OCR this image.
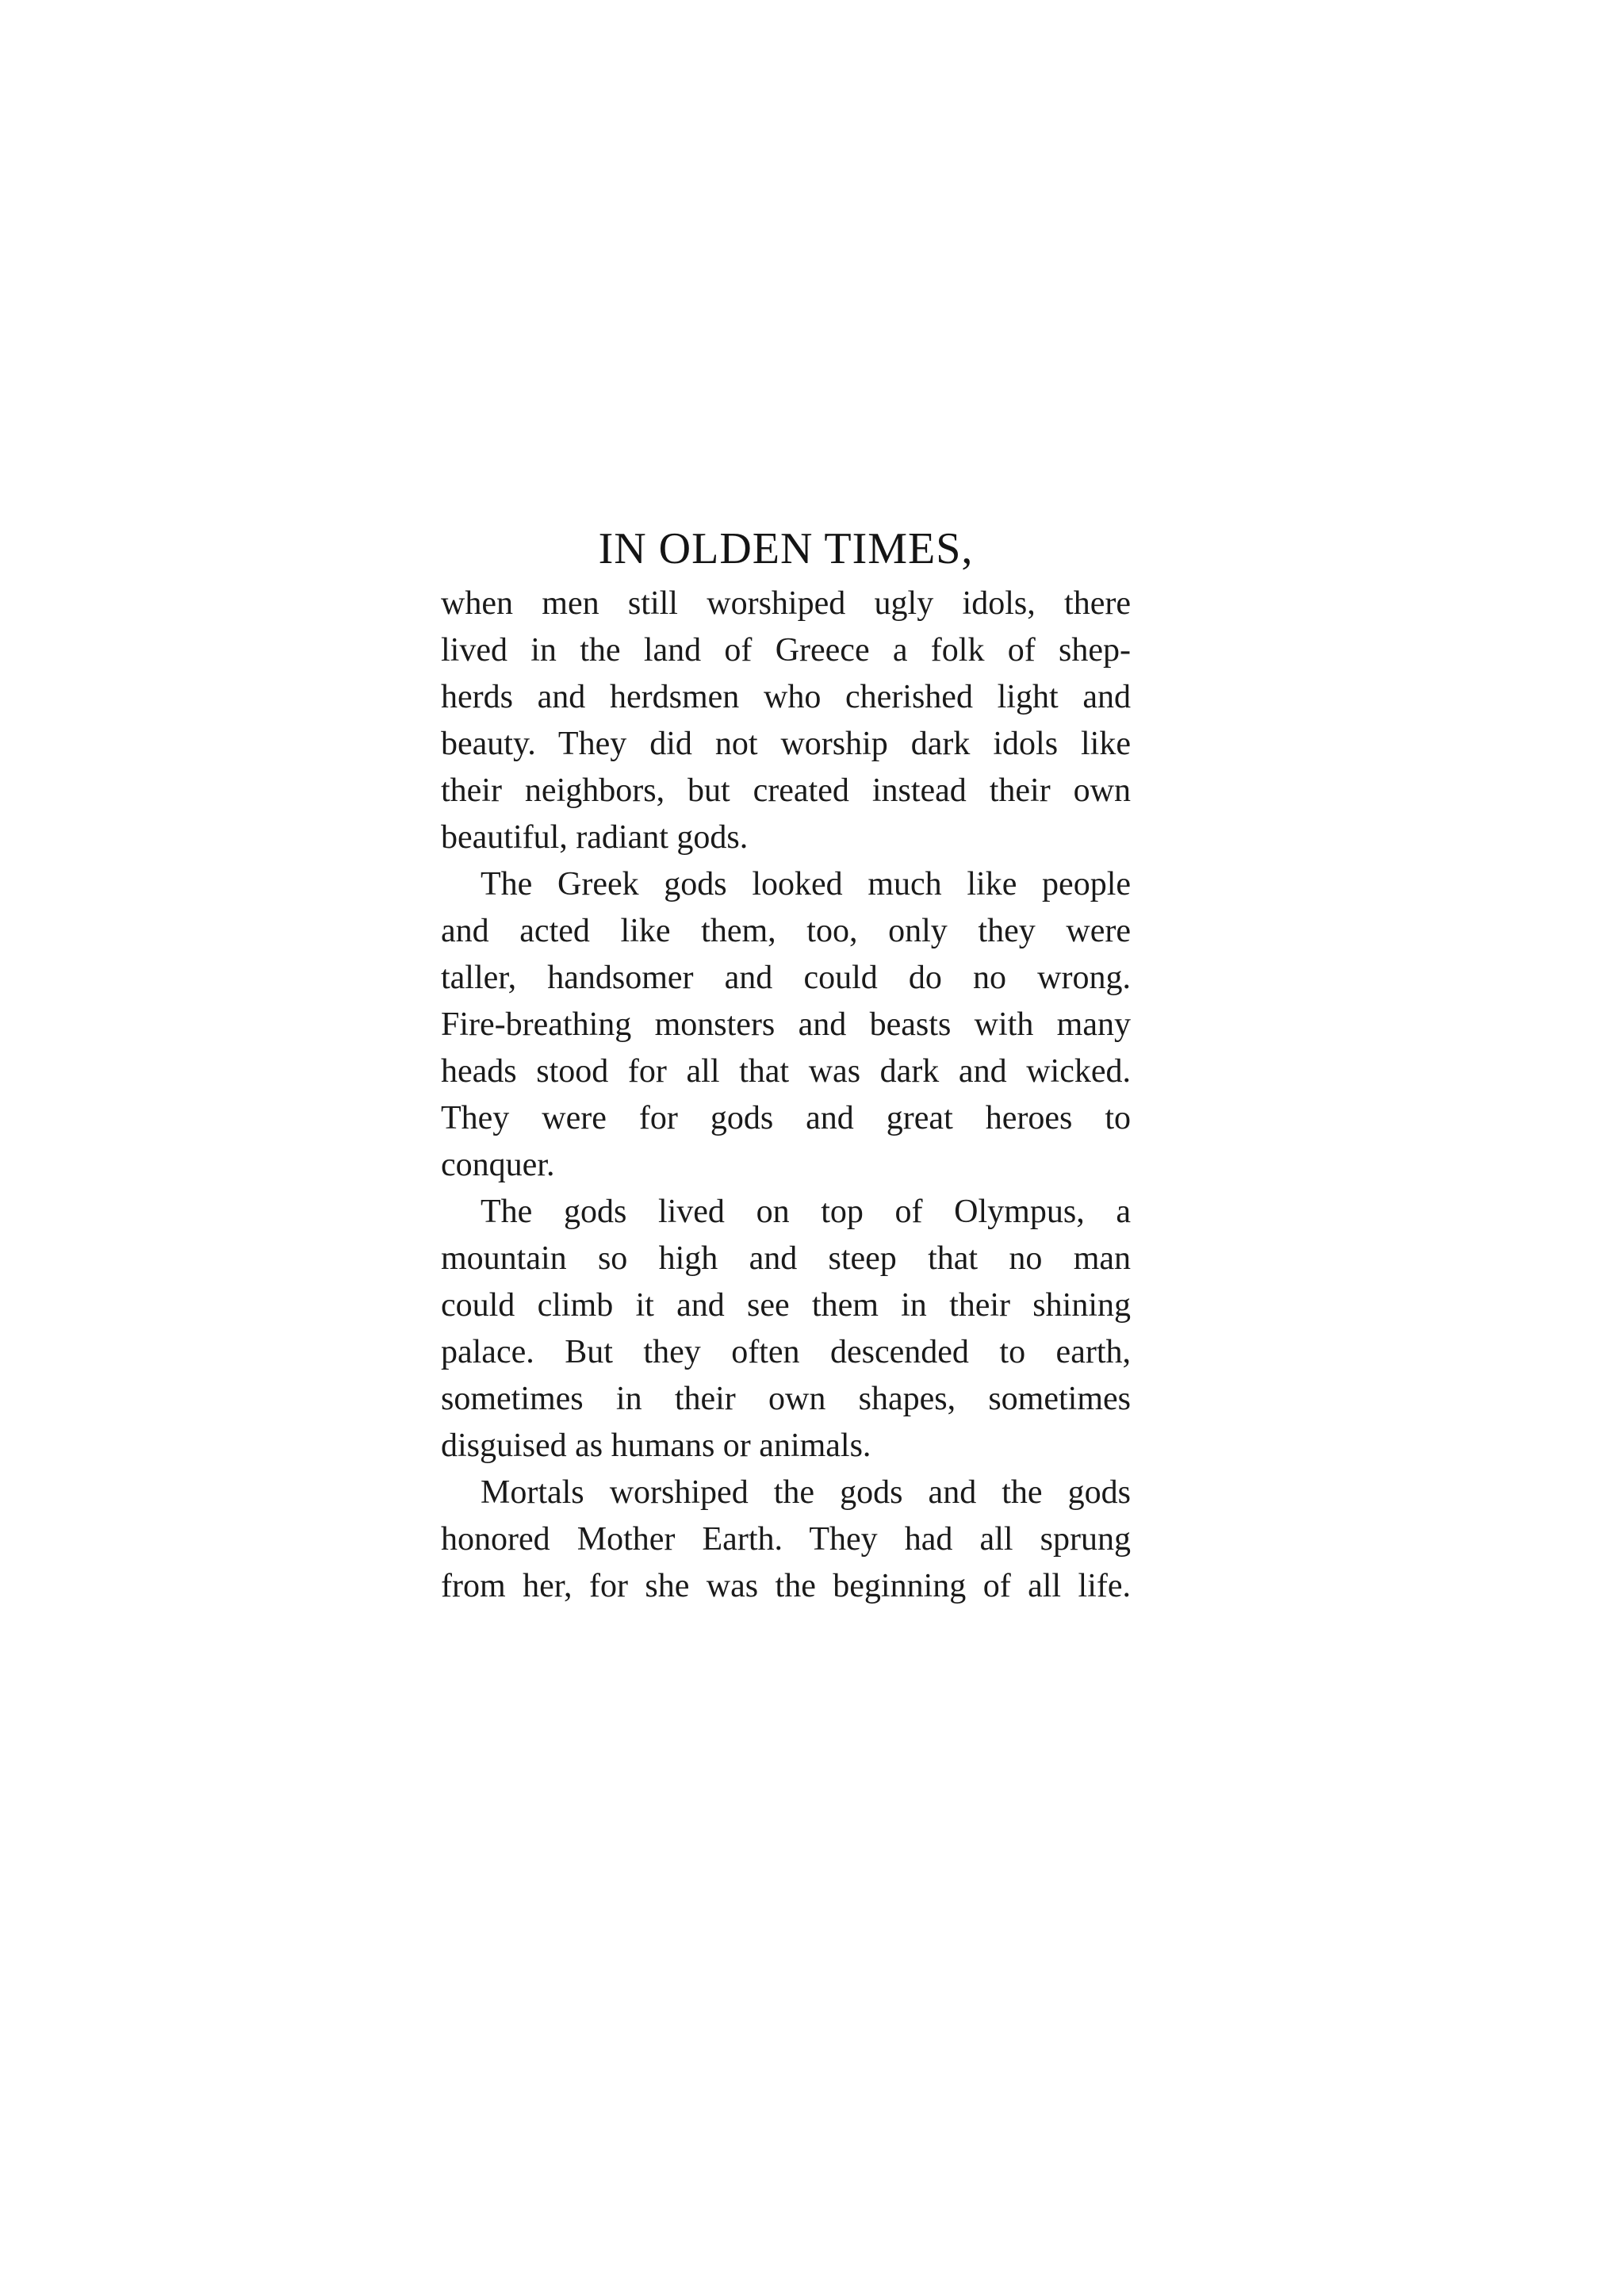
IN OLDEN TIMES,
when men still worshiped ugly idols, there
lived in the land of Greece a folk of shep-
herds and herdsmen who cherished light and
beauty. They did not worship dark idols like
their neighbors, but created instead their own
beautiful, radiant gods.
The Greek gods looked much like people
and acted like them, too, only they were
taller, handsomer and could do no wrong.
Fire-breathing monsters and beasts with many
heads stood for all that was dark and wicked.
They were for gods and great heroes to
conquer.
The gods lived on top of Olympus, a
mountain so high and steep that no man
could climb it and see them in their shining
palace. But they often descended to earth,
sometimes in their own shapes, sometimes
disguised as humans or animals.
Mortals worshiped the gods and the gods
honored Mother Earth. They had all sprung
from her, for she was the beginning of all life.
